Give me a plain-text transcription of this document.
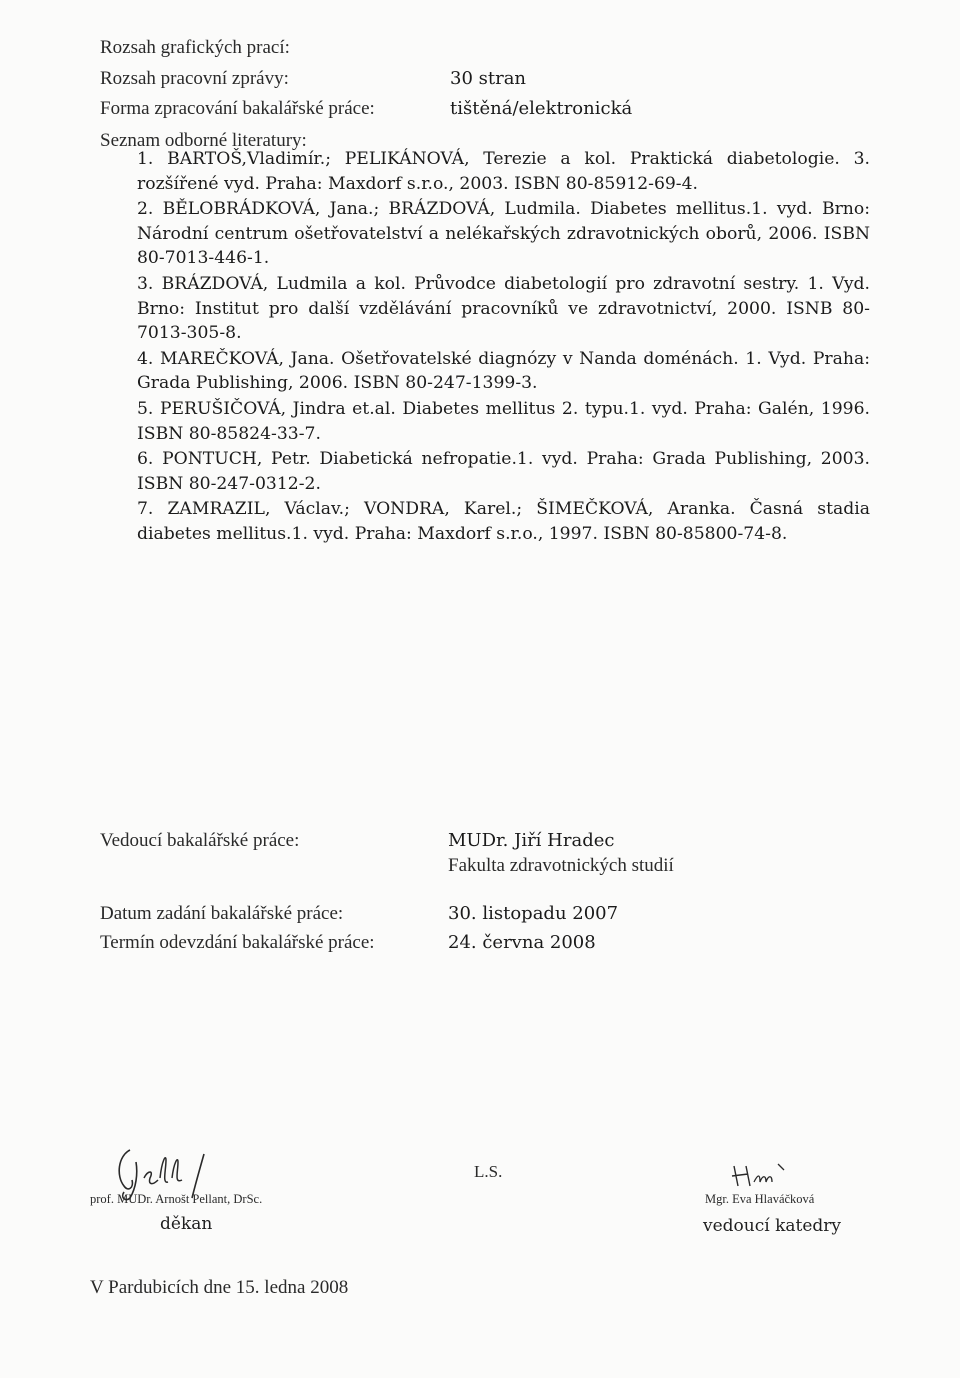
Rozsah grafických prací:
Rozsah pracovní zprávy:	30 stran
Forma zpracování bakalářské práce:	tištěná/elektronická
Seznam odborné literatury:

1. BARTOŠ,Vladimír.; PELIKÁNOVÁ, Terezie a kol. Praktická diabetologie. 3. rozšířené vyd. Praha: Maxdorf s.r.o., 2003. ISBN 80-85912-69-4.

2. BĚLOBRÁDKOVÁ, Jana.; BRÁZDOVÁ, Ludmila. Diabetes mellitus.1. vyd. Brno: Národní centrum ošetřovatelství a nelékařských zdravotnických oborů, 2006. ISBN 80-7013-446-1.

3. BRÁZDOVÁ, Ludmila a kol. Průvodce diabetologií pro zdravotní sestry. 1. Vyd. Brno: Institut pro další vzdělávání pracovníků ve zdravotnictví, 2000. ISNB 80-7013-305-8.

4. MAREČKOVÁ, Jana. Ošetřovatelské diagnózy v Nanda doménách. 1. Vyd. Praha: Grada Publishing, 2006. ISBN 80-247-1399-3.

5. PERUŠIČOVÁ, Jindra et.al. Diabetes mellitus 2. typu.1. vyd. Praha: Galén, 1996. ISBN 80-85824-33-7.

6. PONTUCH, Petr. Diabetická nefropatie.1. vyd. Praha: Grada Publishing, 2003. ISBN 80-247-0312-2.

7. ZAMRAZIL, Václav.; VONDRA, Karel.; ŠIMEČKOVÁ, Aranka. Časná stadia diabetes mellitus.1. vyd. Praha: Maxdorf s.r.o., 1997. ISBN 80-85800-74-8.

Vedoucí bakalářské práce:	MUDr. Jiří Hradec
Fakulta zdravotnických studií
Datum zadání bakalářské práce:	30. listopadu 2007
Termín odevzdání bakalářské práce:	24. června 2008
prof. MUDr. Arnošt Pellant, DrSc.
děkan
L.S.
Mgr. Eva Hlaváčková
vedoucí katedry
V Pardubicích dne 15. ledna 2008
